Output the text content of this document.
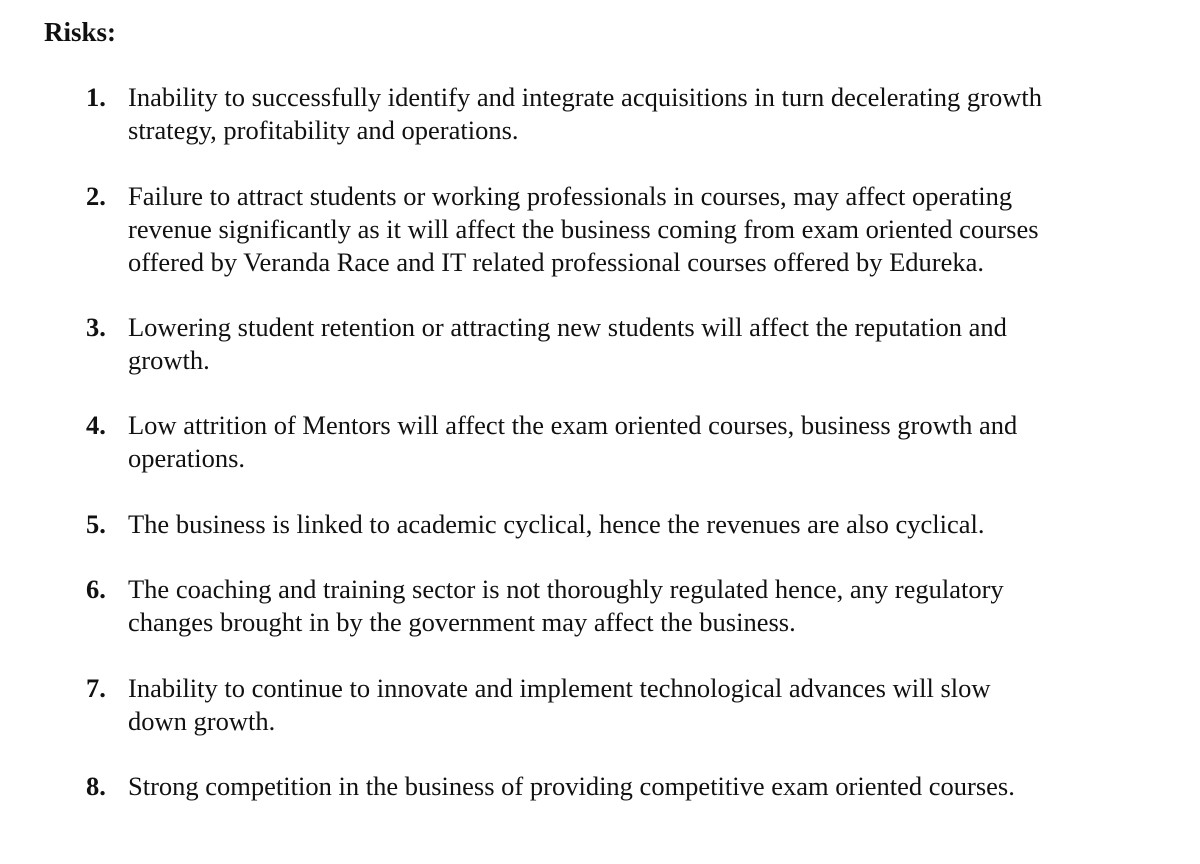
Risks:
1. Inability to successfully identify and integrate acquisitions in turn decelerating growth
strategy, profitability and operations.
2. Failure to attract students or working professionals in courses, may affect operating
revenue significantly as it will affect the business coming from exam oriented courses
offered by Veranda Race and IT related professional courses offered by Edureka.
3. Lowering student retention or attracting new students will affect the reputation and
growth.
4. Low attrition of Mentors will affect the exam oriented courses, business growth and
operations.
5. The business is linked to academic cyclical, hence the revenues are also cyclical.
6. The coaching and training sector is not thoroughly regulated hence, any regulatory
changes brought in by the government may affect the business.
7. Inability to continue to innovate and implement technological advances will slow
down growth.
8. Strong competition in the business of providing competitive exam oriented courses.
